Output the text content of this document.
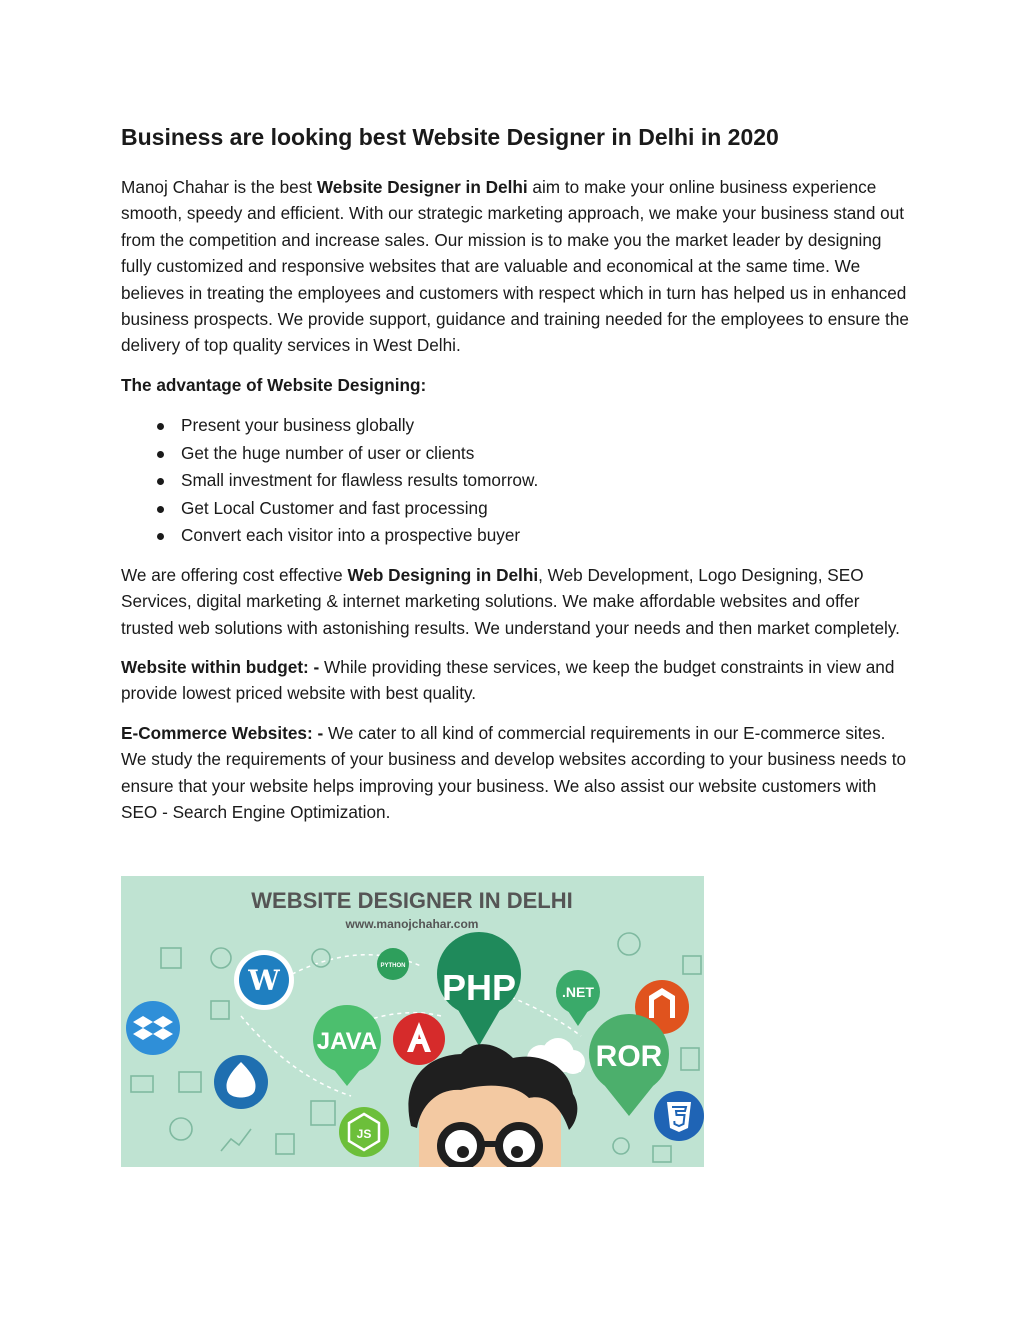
Business are looking best Website Designer in Delhi in 2020

Manoj Chahar is the best Website Designer in Delhi aim to make your online business experience smooth, speedy and efficient. With our strategic marketing approach, we make your business stand out from the competition and increase sales. Our mission is to make you the market leader by designing fully customized and responsive websites that are valuable and economical at the same time. We believes in treating the employees and customers with respect which in turn has helped us in enhanced business prospects. We provide support, guidance and training needed for the employees to ensure the delivery of top quality services in West Delhi.

The advantage of Website Designing:

Present your business globally
Get the huge number of user or clients
Small investment for flawless results tomorrow.
Get Local Customer and fast processing
Convert each visitor into a prospective buyer

We are offering cost effective Web Designing in Delhi, Web Development, Logo Designing, SEO Services, digital marketing & internet marketing solutions. We make affordable websites and offer trusted web solutions with astonishing results. We understand your needs and then market completely.

Website within budget: - While providing these services, we keep the budget constraints in view and provide lowest priced website with best quality.

E-Commerce Websites: - We cater to all kind of commercial requirements in our E-commerce sites. We study the requirements of your business and develop websites according to your business needs to ensure that your website helps improving your business. We also assist our website customers with SEO - Search Engine Optimization.

WEBSITE DESIGNER IN DELHI
www.manojchahar.com
W	PYTHON
PHP	.NET
JAVA	ROR
JS
